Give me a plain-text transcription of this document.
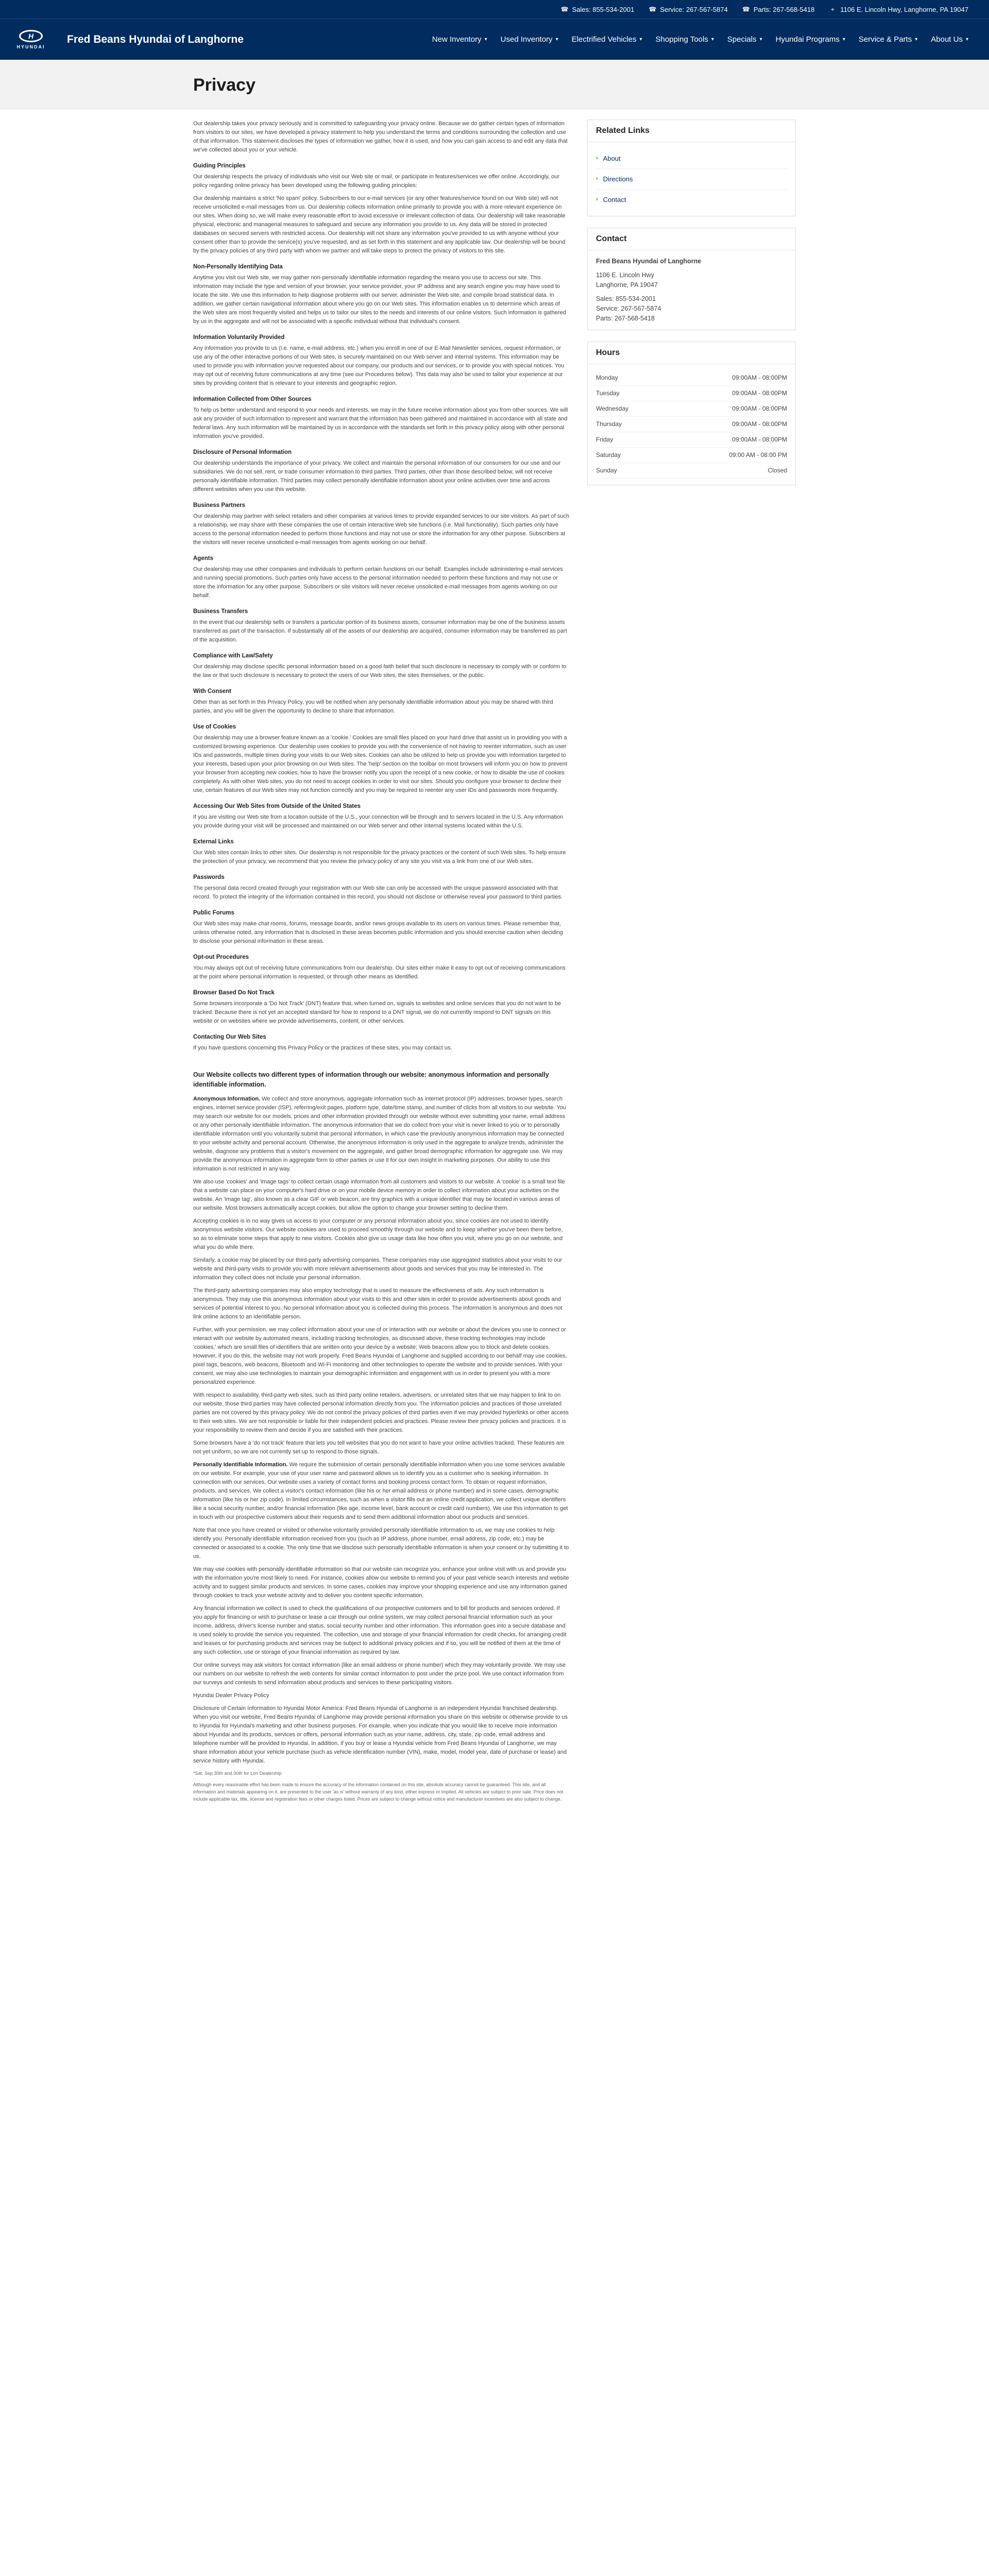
☎ Sales: 855-534-2001 ☎ Service: 267-567-5874 ☎ Parts: 267-568-5418	⌖ 1106 E. Lincoln Hwy, Langhorne, PA 19047
H
HYUNDAI
Fred Beans Hyundai of Langhorne	New Inventory ▾ Used Inventory ▾ Electrified Vehicles ▾ Shopping Tools ▾ Specials ▾ Hyundai Programs ▾ Service & Parts ▾ About Us ▾
Privacy

Our dealership takes your privacy seriously and is committed to safeguarding your privacy online. Because we do gather certain types of information from visitors to our sites, we have developed a privacy statement to help you understand the terms and conditions surrounding the collection and use of that information. This statement discloses the types of information we gather, how it is used, and how you can gain access to and edit any data that we've collected about you or your vehicle.

Guiding Principles

Our dealership respects the privacy of individuals who visit our Web site or mail, or participate in features/services we offer online. Accordingly, our policy regarding online privacy has been developed using the following guiding principles:

Our dealership maintains a strict 'No spam' policy. Subscribers to our e-mail services (or any other features/service found on our Web site) will not receive unsolicited e-mail messages from us. Our dealership collects information online primarily to provide you with a more relevant experience on our sites. When doing so, we will make every reasonable effort to avoid excessive or irrelevant collection of data. Our dealership will take reasonable physical, electronic and managerial measures to safeguard and secure any information you provide to us. Any data will be stored in protected databases on secured servers with restricted access. Our dealership will not share any information you've provided to us with anyone without your consent other than to provide the service(s) you've requested, and as set forth in this statement and any applicable law. Our dealership will be bound by the privacy policies of any third party with whom we partner and will take steps to protect the privacy of visitors to this site.

Non-Personally Identifying Data

Anytime you visit our Web site, we may gather non-personally identifiable information regarding the means you use to access our site. This information may include the type and version of your browser, your service provider, your IP address and any search engine you may have used to locate the site. We use this information to help diagnose problems with our server, administer the Web site, and compile broad statistical data. In addition, we gather certain navigational information about where you go on our Web sites. This information enables us to determine which areas of the Web sites are most frequently visited and helps us to tailor our sites to the needs and interests of our online visitors. Such information is gathered by us in the aggregate and will not be associated with a specific individual without that individual's consent.

Information Voluntarily Provided

Any information you provide to us (i.e. name, e-mail address, etc.) when you enroll in one of our E-Mail Newsletter services, request information, or use any of the other interactive portions of our Web sites, is securely maintained on our Web server and internal systems. This information may be used to provide you with information you've requested about our company, our products and our services, or to provide you with special notices. You may opt out of receiving future communications at any time (see our Procedures below). This data may also be used to tailor your experience at our sites by providing content that is relevant to your interests and geographic region.

Information Collected from Other Sources

To help us better understand and respond to your needs and interests, we may in the future receive information about you from other sources. We will ask any provider of such information to represent and warrant that the information has been gathered and maintained in accordance with all state and federal laws. Any such information will be maintained by us in accordance with the standards set forth in this privacy policy along with other personal information you've provided.

Disclosure of Personal Information

Our dealership understands the importance of your privacy. We collect and maintain the personal information of our consumers for our use and our subsidiaries. We do not sell, rent, or trade consumer information to third parties. Third parties, other than those described below, will not receive personally identifiable information. Third parties may collect personally identifiable information about your online activities over time and across different websites when you use this website.

Business Partners

Our dealership may partner with select retailers and other companies at various times to provide expanded services to our site visitors. As part of such a relationship, we may share with these companies the use of certain interactive Web site functions (i.e. Mail functionality). Such parties only have access to the personal information needed to perform those functions and may not use or store the information for any other purpose. Subscribers at the visitors will never receive unsolicited e-mail messages from agents working on our behalf.

Agents

Our dealership may use other companies and individuals to perform certain functions on our behalf. Examples include administering e-mail services and running special promotions. Such parties only have access to the personal information needed to perform these functions and may not use or store the information for any other purpose. Subscribers or site visitors will never receive unsolicited e-mail messages from agents working on our behalf.

Business Transfers

In the event that our dealership sells or transfers a particular portion of its business assets, consumer information may be one of the business assets transferred as part of the transaction. If substantially all of the assets of our dealership are acquired, consumer information may be transferred as part of the acquisition.

Compliance with Law/Safety

Our dealership may disclose specific personal information based on a good faith belief that such disclosure is necessary to comply with or conform to the law or that such disclosure is necessary to protect the users of our Web sites, the sites themselves, or the public.

With Consent

Other than as set forth in this Privacy Policy, you will be notified when any personally identifiable information about you may be shared with third parties, and you will be given the opportunity to decline to share that information.

Use of Cookies

Our dealership may use a browser feature known as a 'cookie.' Cookies are small files placed on your hard drive that assist us in providing you with a customized browsing experience. Our dealership uses cookies to provide you with the convenience of not having to reenter information, such as user IDs and passwords, multiple times during your visits to our Web sites. Cookies can also be utilized to help us provide you with information targeted to your interests, based upon your prior browsing on our Web sites. The 'help' section on the toolbar on most browsers will inform you on how to prevent your browser from accepting new cookies, how to have the browser notify you upon the receipt of a new cookie, or how to disable the use of cookies completely. As with other Web sites, you do not need to accept cookies in order to visit our sites. Should you configure your browser to decline their use, certain features of our Web sites may not function correctly and you may be required to reenter any user IDs and passwords more frequently.

Accessing Our Web Sites from Outside of the United States

If you are visiting our Web site from a location outside of the U.S., your connection will be through and to servers located in the U.S. Any information you provide during your visit will be processed and maintained on our Web server and other internal systems located within the U.S.

External Links

Our Web sites contain links to other sites. Our dealership is not responsible for the privacy practices or the content of such Web sites. To help ensure the protection of your privacy, we recommend that you review the privacy policy of any site you visit via a link from one of our Web sites.

Passwords

The personal data record created through your registration with our Web site can only be accessed with the unique password associated with that record. To protect the integrity of the information contained in this record, you should not disclose or otherwise reveal your password to third parties.

Public Forums

Our Web sites may make chat rooms, forums, message boards, and/or news groups available to its users on various times. Please remember that, unless otherwise noted, any information that is disclosed in these areas becomes public information and you should exercise caution when deciding to disclose your personal information in these areas.

Opt-out Procedures

You may always opt out of receiving future communications from our dealership. Our sites either make it easy to opt out of receiving communications at the point where personal information is requested, or through other means as identified.

Browser Based Do Not Track

Some browsers incorporate a 'Do Not Track' (DNT) feature that, when turned on, signals to websites and online services that you do not want to be tracked. Because there is not yet an accepted standard for how to respond to a DNT signal, we do not currently respond to DNT signals on this website or on websites where we provide advertisements, content, or other services.

Contacting Our Web Sites

If you have questions concerning this Privacy Policy or the practices of these sites, you may contact us.

Our Website collects two different types of information through our website: anonymous information and personally identifiable information.

Anonymous Information. We collect and store anonymous, aggregate information such as internet protocol (IP) addresses, browser types, search engines, internet service provider (ISP), referring/exit pages, platform type, date/time stamp, and number of clicks from all visitors to our website. You may search our website for our models, prices and other information provided through our website without ever submitting your name, email address or any other personally identifiable information. The anonymous information that we do collect from your visit is never linked to you or to personally identifiable information until you voluntarily submit that personal information, in which case the previously anonymous information may be connected to your website activity and personal account. Otherwise, the anonymous information is only used in the aggregate to analyze trends, administer the website, diagnose any problems that a visitor's movement on the aggregate, and gather broad demographic information for aggregate use. We may provide the anonymous information in aggregate form to other parties or use it for our own insight in marketing purposes. Our ability to use this information is not restricted in any way.

We also use 'cookies' and 'image tags' to collect certain usage information from all customers and visitors to our website. A 'cookie' is a small text file that a website can place on your computer's hard drive or on your mobile device memory in order to collect information about your activities on the website. An 'image tag', also known as a clear GIF or web beacon, are tiny graphics with a unique identifier that may be located in various areas of our website. Most browsers automatically accept cookies, but allow the option to change your browser setting to decline them.

Accepting cookies is in no way gives us access to your computer or any personal information about you, since cookies are not used to identify anonymous website visitors. Our website cookies are used to proceed smoothly through our website and to keep whether you've been there before, so as to eliminate some steps that apply to new visitors. Cookies also give us usage data like how often you visit, where you go on our website, and what you do while there.

Similarly, a cookie may be placed by our third-party advertising companies. These companies may use aggregated statistics about your visits to our website and third-party visits to provide you with more relevant advertisements about goods and services that you may be interested in. The information they collect does not include your personal information.

The third-party advertising companies may also employ technology that is used to measure the effectiveness of ads. Any such information is anonymous. They may use this anonymous information about your visits to this and other sites in order to provide advertisements about goods and services of potential interest to you. No personal information about you is collected during this process. The information is anonymous and does not link online actions to an identifiable person.

Further, with your permission, we may collect information about your use of or interaction with our website or about the devices you use to connect or interact with our website by automated means, including tracking technologies, as discussed above, these tracking technologies may include 'cookies,' which are small files of identifiers that are written onto your device by a website; Web beacons allow you to block and delete cookies. However, if you do this, the website may not work properly. Fred Beans Hyundai of Langhorne and supplied according to our behalf may use cookies, pixel tags, beacons, web beacons, Bluetooth and Wi-Fi monitoring and other technologies to operate the website and to provide services. With your consent, we may also use technologies to maintain your demographic information and engagement with us in order to present you with a more personalized experience.

With respect to availability, third-party web sites, such as third party online retailers, advertisers, or unrelated sites that we may happen to link to on our website, those third parties may have collected personal information directly from you. The information policies and practices of those unrelated parties are not covered by this privacy policy. We do not control the privacy policies of third parties even if we may provided hyperlinks or other access to their web sites. We are not responsible or liable for their independent policies and practices. Please review their privacy policies and practices. It is your responsibility to review them and decide if you are satisfied with their practices.

Some browsers have a 'do not track' feature that lets you tell websites that you do not want to have your online activities tracked. These features are not yet uniform, so we are not currently set up to respond to those signals.

Personally Identifiable Information. We require the submission of certain personally identifiable information when you use some services available on our website. For example, your use of your user name and password allows us to identify you as a customer who is seeking information. In connection with our services, Our website uses a variety of contact forms and booking process contact form. To obtain or request information, products, and services. We collect a visitor's contact information (like his or her email address or phone number) and in some cases, demographic information (like his or her zip code). In limited circumstances, such as when a visitor fills out an online credit application, we collect unique identifiers like a social security number, and/or financial information (like age, income level, bank account or credit card numbers). We use this information to get in touch with our prospective customers about their requests and to send them additional information about our products and services.

Note that once you have created or visited or otherwise voluntarily provided personally identifiable information to us, we may use cookies to help identify you. Personally identifiable information received from you (such as IP address, phone number, email address, zip code, etc.) may be connected or associated to a cookie. The only time that we disclose such personally identifiable information is when your consent or by submitting it to us.

We may use cookies with personally identifiable information so that our website can recognize you, enhance your online visit with us and provide you with the information you're most likely to need. For instance, cookies allow our website to remind you of your past vehicle search interests and website activity and to suggest similar products and services. In some cases, cookies may improve your shopping experience and use any information gained through cookies to track your website activity and to deliver you content specific information.

Any financial information we collect is used to check the qualifications of our prospective customers and to bill for products and services ordered. If you apply for financing or wish to purchase or lease a car through our online system, we may collect personal financial information such as your income, address, driver's license number and status, social security number and other information. This information goes into a secure database and is used solely to provide the service you requested. The collection, use and storage of your financial information for credit checks, for arranging credit and leases or for purchasing products and services may be subject to additional privacy policies and if so, you will be notified of them at the time of any such collection, use or storage of your financial information as required by law.

Our online surveys may ask visitors for contact information (like an email address or phone number) which they may voluntarily provide. We may use our numbers on our website to refresh the web contents for similar contact information to post under the prize pool. We use contact information from our surveys and contests to send information about products and services to these participating visitors.

Hyundai Dealer Privacy Policy

Disclosure of Certain Information to Hyundai Motor America: Fred Beans Hyundai of Langhorne is an independent Hyundai franchised dealership. When you visit our website, Fred Beans Hyundai of Langhorne may provide personal information you share on this website or otherwise provide to us to Hyundai for Hyundai's marketing and other business purposes. For example, when you indicate that you would like to receive more information about Hyundai and its products, services or offers, personal information such as your name, address, city, state, zip code, email address and telephone number will be provided to Hyundai. In addition, if you buy or lease a Hyundai vehicle from Fred Beans Hyundai of Langhorne, we may share information about your vehicle purchase (such as vehicle identification number (VIN), make, model, model year, date of purchase or lease) and service history with Hyundai.

*Sat, Sep 30th and 30th for Lon Dealership

Although every reasonable effort has been made to ensure the accuracy of the information contained on this site, absolute accuracy cannot be guaranteed. This site, and all information and materials appearing on it, are presented to the user 'as is' without warranty of any kind, either express or implied. All vehicles are subject to prior sale. Price does not include applicable tax, title, license and registration fees or other charges listed. Prices are subject to change without notice and manufacturer incentives are also subject to change.

Related Links
› About
› Directions
› Contact
Contact
Fred Beans Hyundai of Langhorne
1106 E. Lincoln Hwy
Langhorne, PA 19047
Sales: 855-534-2001
Service: 267-567-5874
Parts: 267-568-5418
Hours
Monday	09:00AM - 08:00PM
Tuesday	09:00AM - 08:00PM
Wednesday	09:00AM - 08:00PM
Thursday	09:00AM - 08:00PM
Friday	09:00AM - 08:00PM
Saturday	09:00 AM - 08:00 PM
Sunday	Closed
